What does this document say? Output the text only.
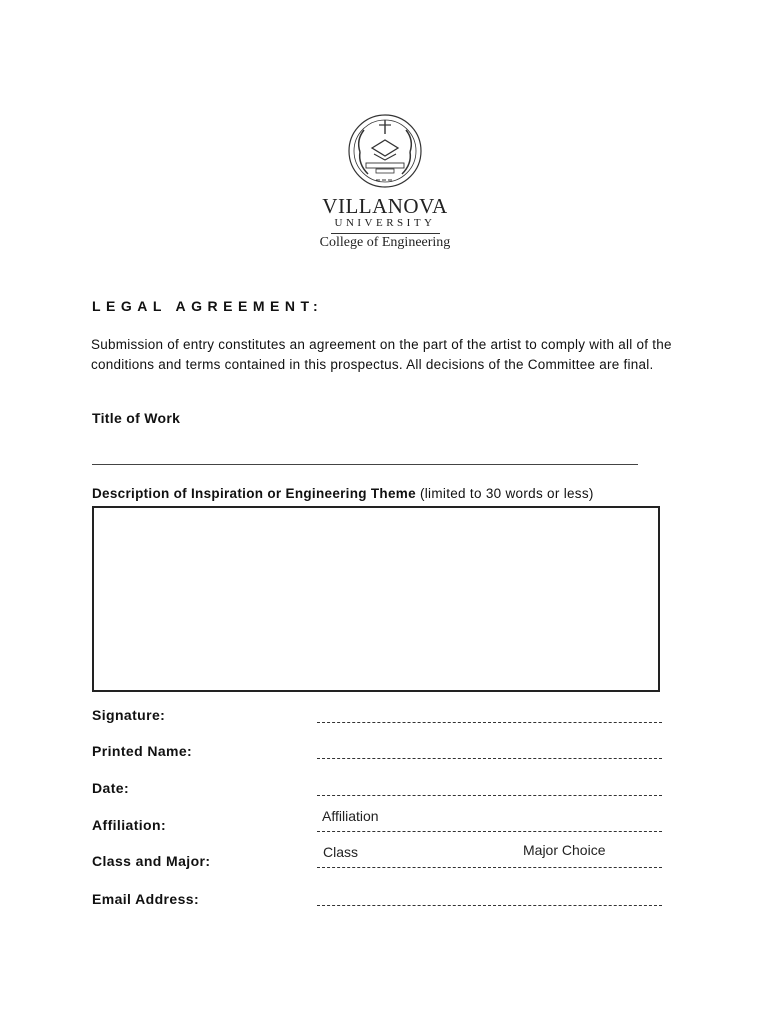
VILLANOVA
UNIVERSITY
College of Engineering
LEGAL AGREEMENT:
Submission of entry constitutes an agreement on the part of the artist to comply with all of the conditions and terms contained in this prospectus. All decisions of the Committee are final.
Title of Work
Description of Inspiration or Engineering Theme (limited to 30 words or less)
Signature:
Printed Name:
Date:
Affiliation:
Affiliation
Class and Major:
Class	Major Choice
Email Address:
